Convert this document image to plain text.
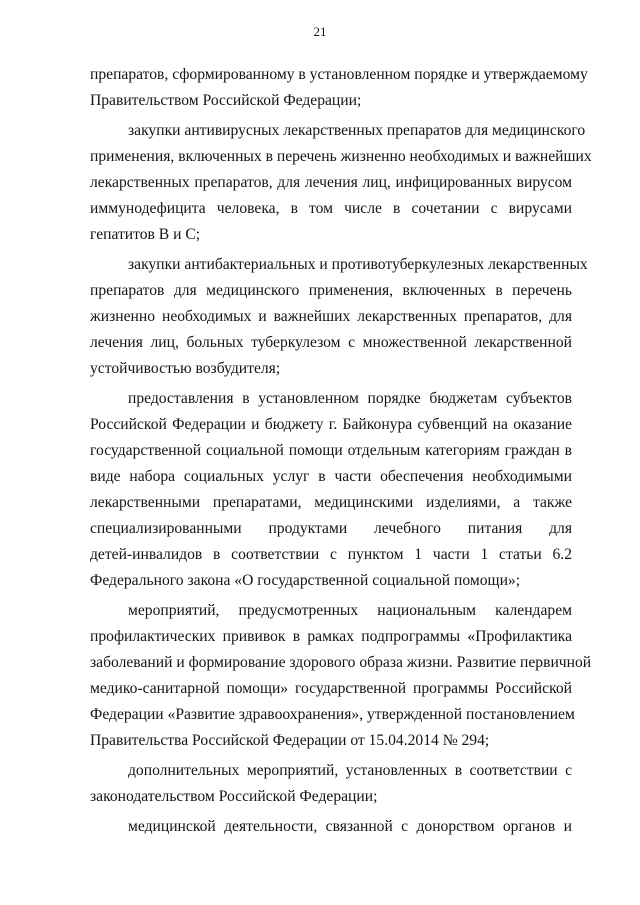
21
препаратов, сформированному в установленном порядке и утверждаемому
Правительством Российской Федерации;
закупки антивирусных лекарственных препаратов для медицинского
применения, включенных в перечень жизненно необходимых и важнейших
лекарственных препаратов, для лечения лиц, инфицированных вирусом
иммунодефицита человека, в том числе в сочетании с вирусами
гепатитов B и C;
закупки антибактериальных и противотуберкулезных лекарственных
препаратов для медицинского применения, включенных в перечень
жизненно необходимых и важнейших лекарственных препаратов, для
лечения лиц, больных туберкулезом с множественной лекарственной
устойчивостью возбудителя;
предоставления в установленном порядке бюджетам субъектов
Российской Федерации и бюджету г. Байконура субвенций на оказание
государственной социальной помощи отдельным категориям граждан в
виде набора социальных услуг в части обеспечения необходимыми
лекарственными препаратами, медицинскими изделиями, а также
специализированными продуктами лечебного питания для
детей-инвалидов в соответствии с пунктом 1 части 1 статьи 6.2
Федерального закона «О государственной социальной помощи»;
мероприятий, предусмотренных национальным календарем
профилактических прививок в рамках подпрограммы «Профилактика
заболеваний и формирование здорового образа жизни. Развитие первичной
медико-санитарной помощи» государственной программы Российской
Федерации «Развитие здравоохранения», утвержденной постановлением
Правительства Российской Федерации от 15.04.2014 № 294;
дополнительных мероприятий, установленных в соответствии с
законодательством Российской Федерации;
медицинской деятельности, связанной с донорством органов и
